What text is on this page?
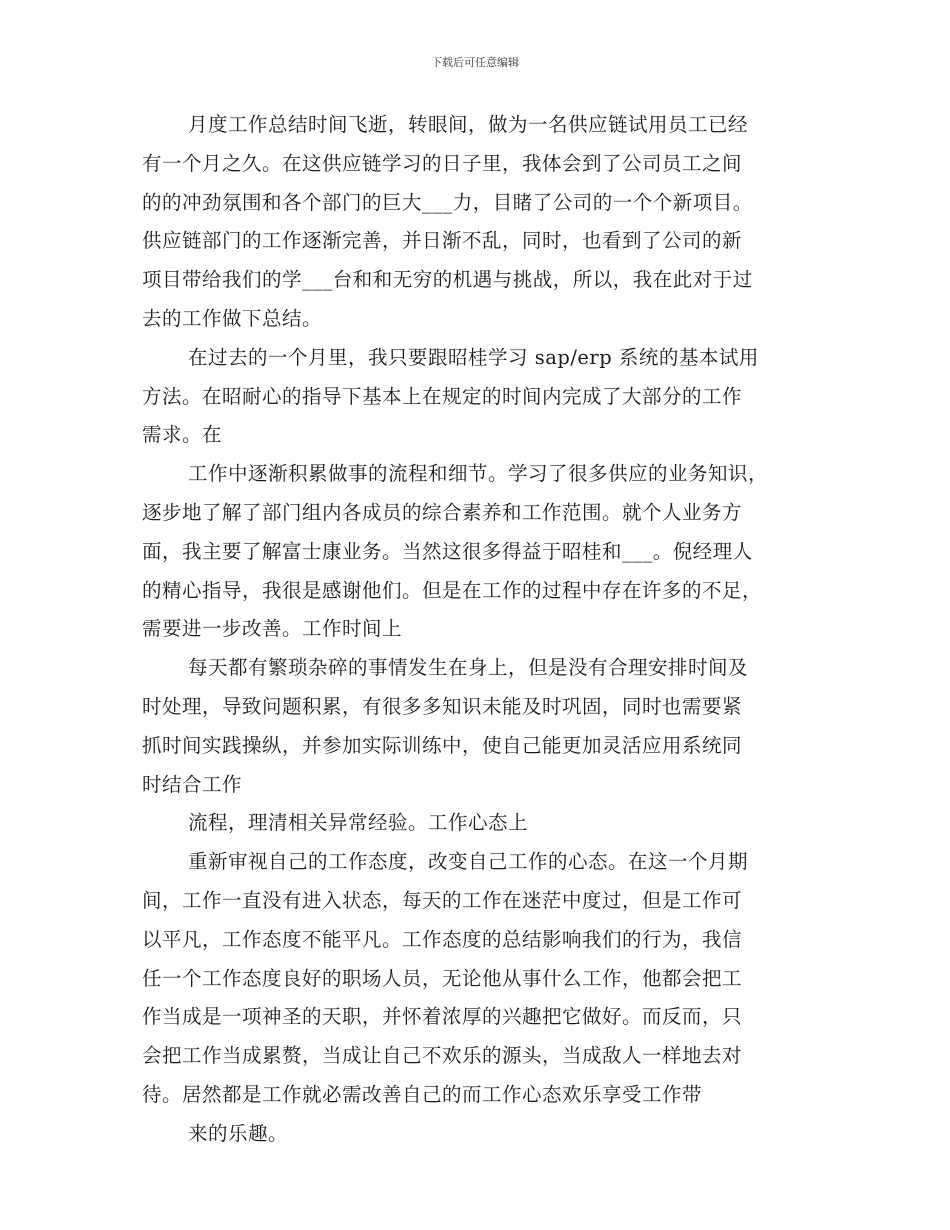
下载后可任意编辑
月度工作总结时间飞逝，转眼间，做为一名供应链试用员工已经
有一个月之久。在这供应链学习的日子里，我体会到了公司员工之间
的的冲劲氛围和各个部门的巨大___力，目睹了公司的一个个新项目。
供应链部门的工作逐渐完善，并日渐不乱，同时，也看到了公司的新
项目带给我们的学___台和和无穷的机遇与挑战，所以，我在此对于过
去的工作做下总结。
在过去的一个月里，我只要跟昭桂学习 sap/erp 系统的基本试用
方法。在昭耐心的指导下基本上在规定的时间内完成了大部分的工作
需求。在
工作中逐渐积累做事的流程和细节。学习了很多供应的业务知识，
逐步地了解了部门组内各成员的综合素养和工作范围。就个人业务方
面，我主要了解富士康业务。当然这很多得益于昭桂和___。倪经理人
的精心指导，我很是感谢他们。但是在工作的过程中存在许多的不足，
需要进一步改善。工作时间上
每天都有繁琐杂碎的事情发生在身上，但是没有合理安排时间及
时处理，导致问题积累，有很多多知识未能及时巩固，同时也需要紧
抓时间实践操纵，并参加实际训练中，使自己能更加灵活应用系统同
时结合工作
流程，理清相关异常经验。工作心态上
重新审视自己的工作态度，改变自己工作的心态。在这一个月期
间，工作一直没有进入状态，每天的工作在迷茫中度过，但是工作可
以平凡，工作态度不能平凡。工作态度的总结影响我们的行为，我信
任一个工作态度良好的职场人员，无论他从事什么工作，他都会把工
作当成是一项神圣的天职，并怀着浓厚的兴趣把它做好。而反而，只
会把工作当成累赘，当成让自己不欢乐的源头，当成敌人一样地去对
待。居然都是工作就必需改善自己的而工作心态欢乐享受工作带
来的乐趣。
